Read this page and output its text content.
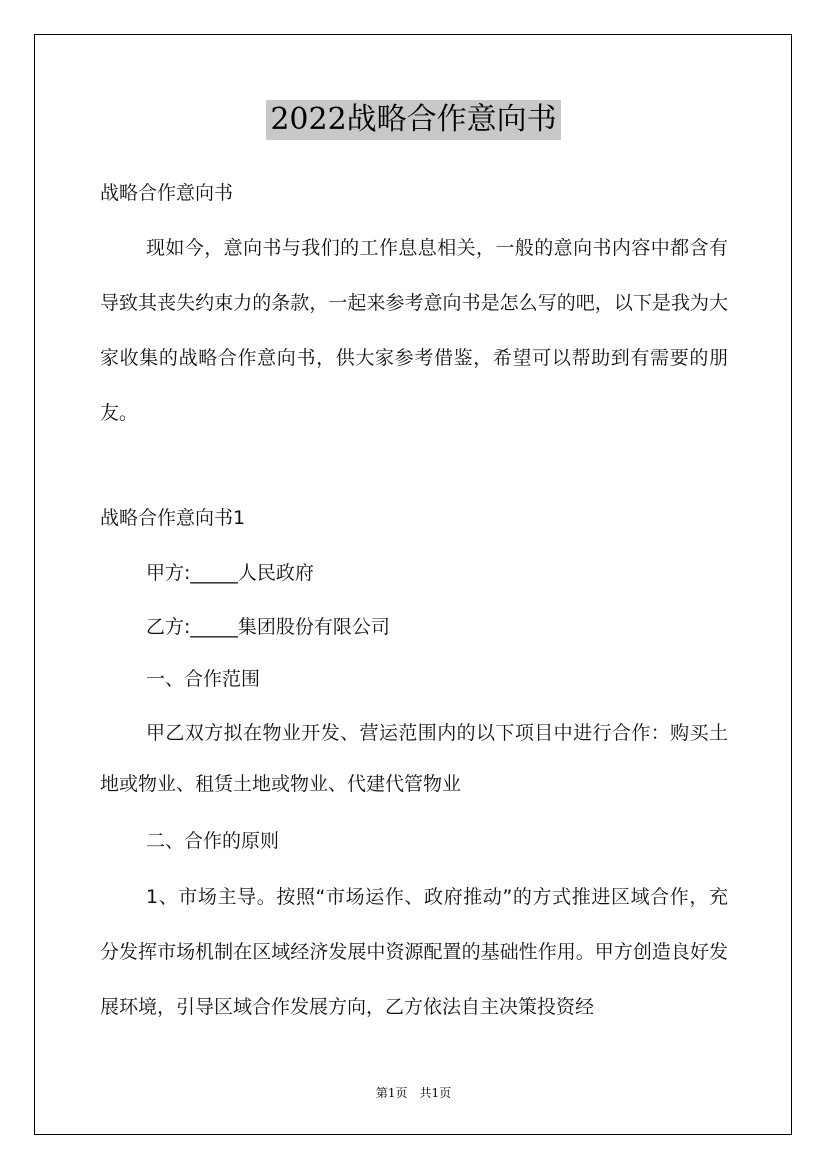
2022战略合作意向书

战略合作意向书

现如今，意向书与我们的工作息息相关，一般的意向书内容中都含有导致其丧失约束力的条款，一起来参考意向书是怎么写的吧，以下是我为大家收集的战略合作意向书，供大家参考借鉴，希望可以帮助到有需要的朋友。

战略合作意向书1

甲方:_____人民政府

乙方:_____集团股份有限公司

一、合作范围

甲乙双方拟在物业开发、营运范围内的以下项目中进行合作：购买土地或物业、租赁土地或物业、代建代管物业

二、合作的原则

1、市场主导。按照“市场运作、政府推动”的方式推进区域合作，充分发挥市场机制在区域经济发展中资源配置的基础性作用。甲方创造良好发展环境，引导区域合作发展方向，乙方依法自主决策投资经

第1页 共1页
